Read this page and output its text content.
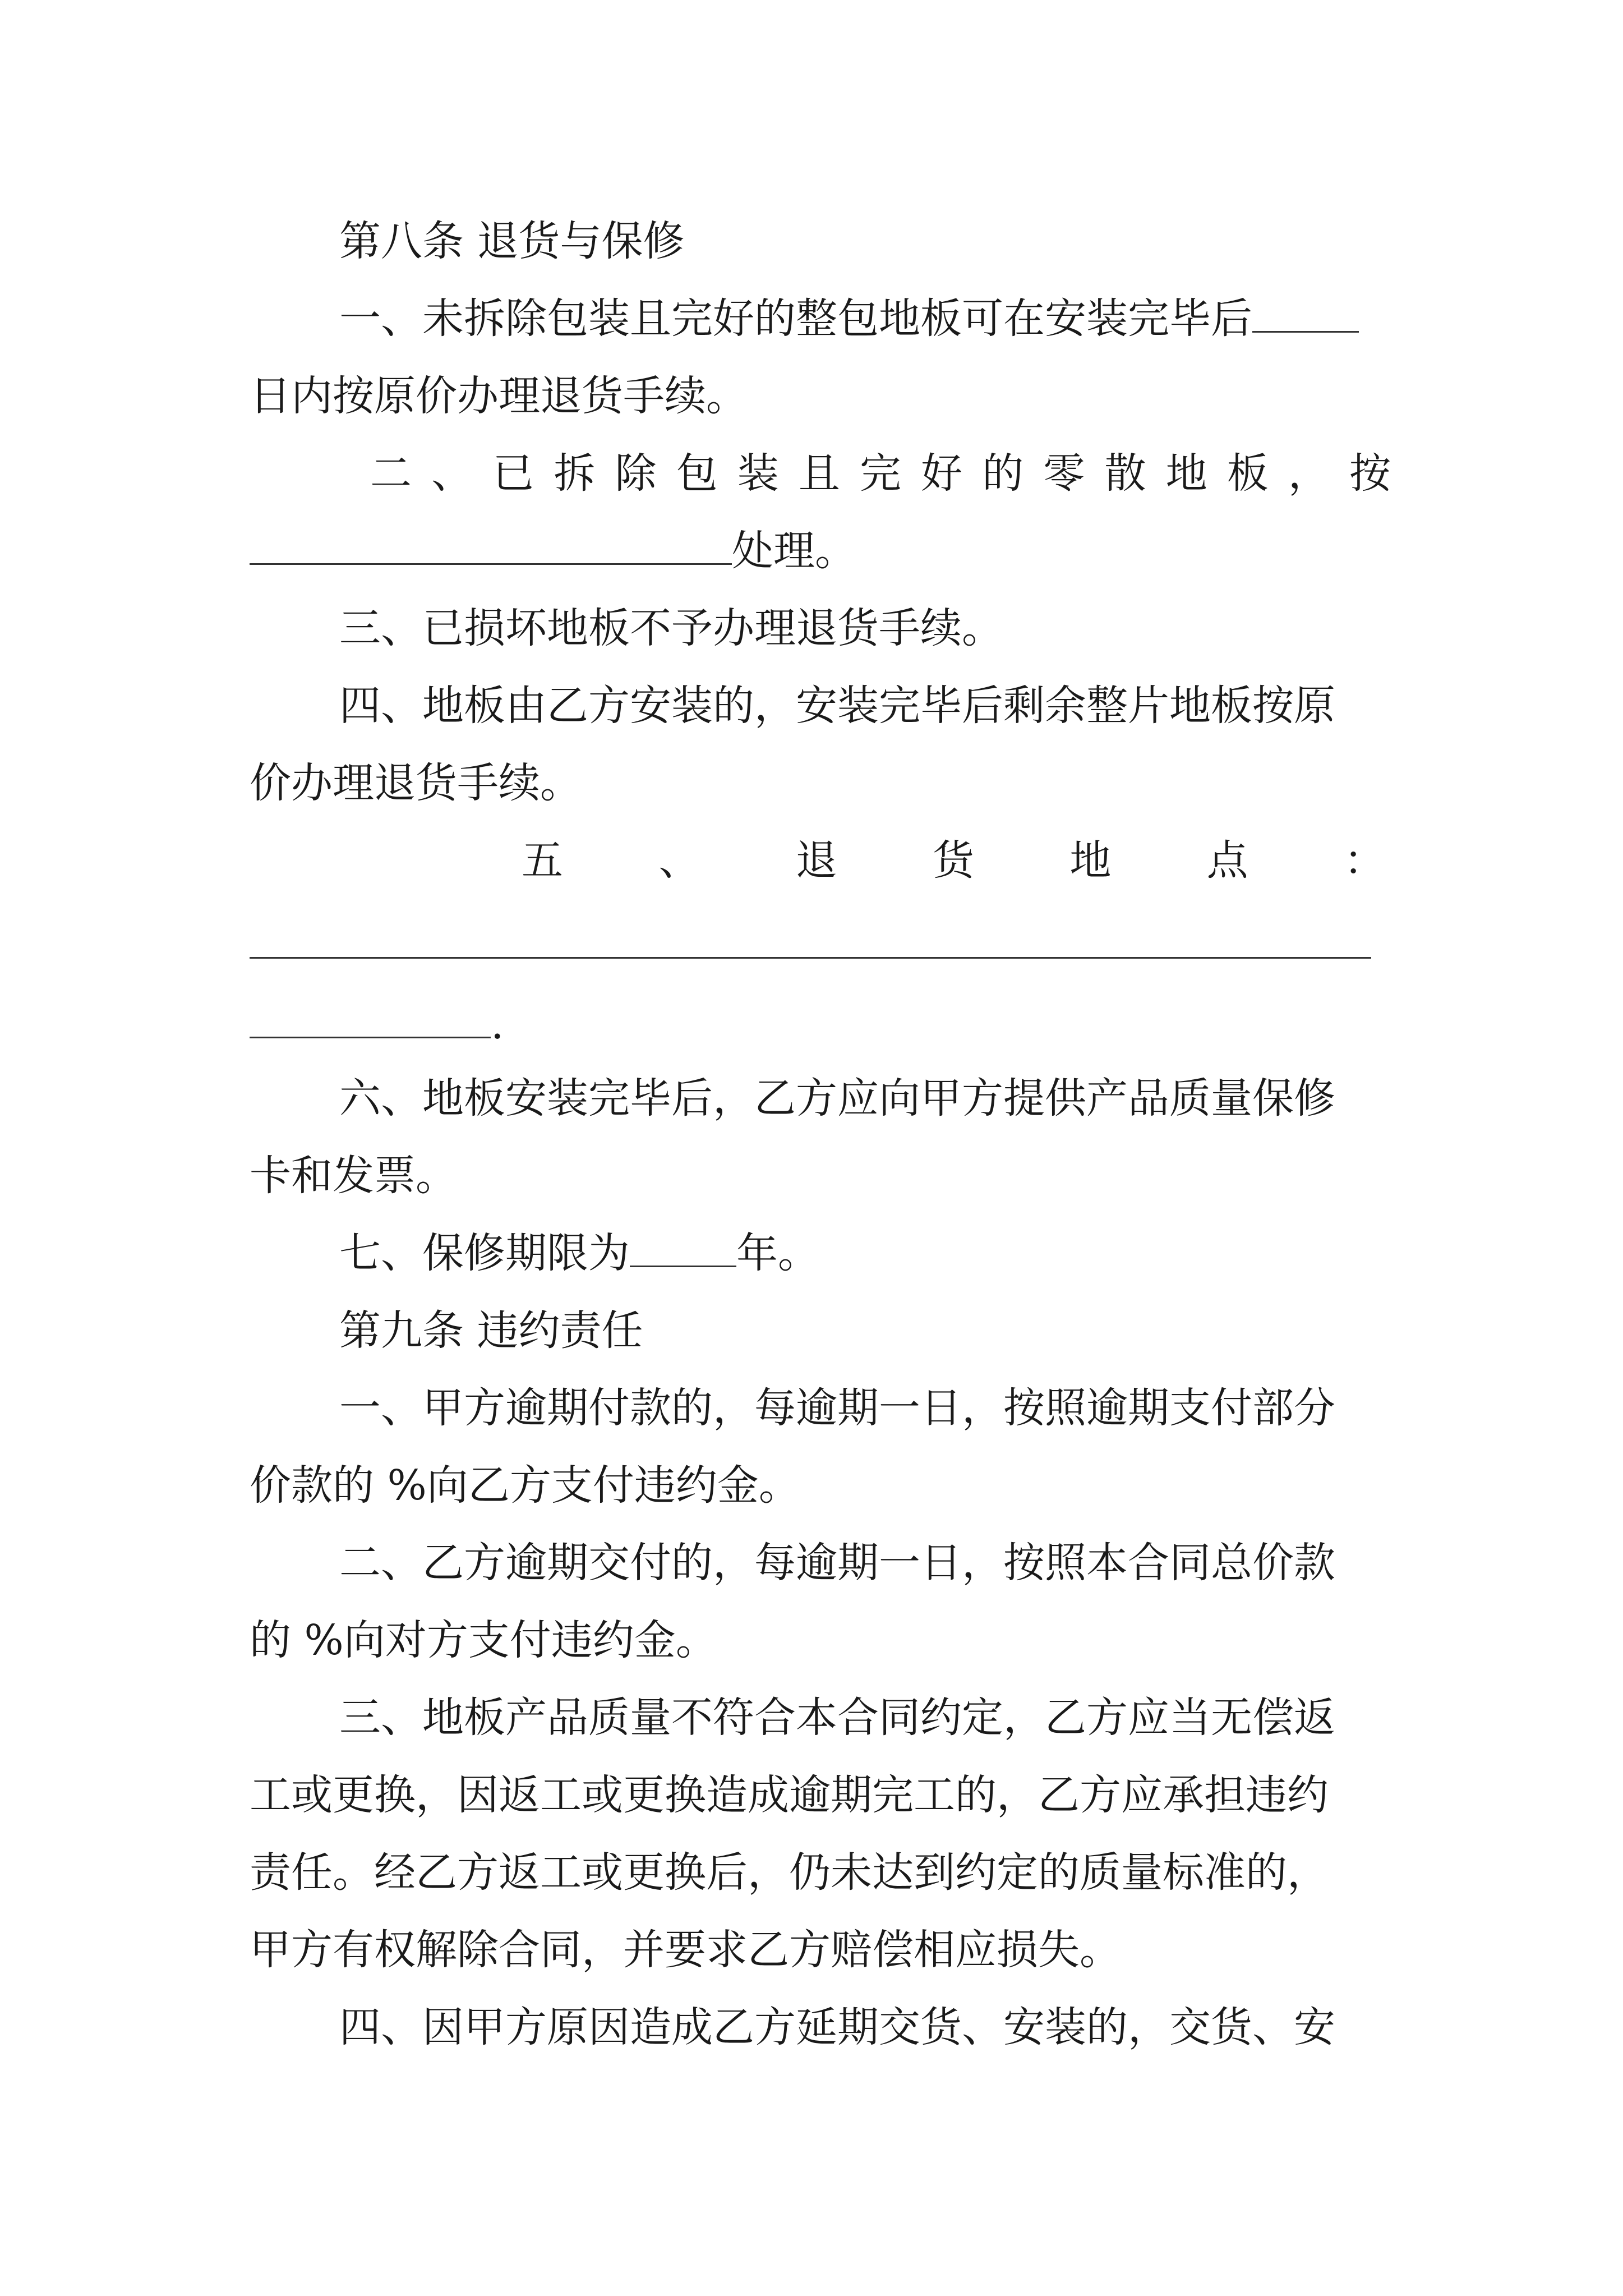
第八条 退货与保修
一、未拆除包装且完好的整包地板可在安装完毕后
日内按原价办理退货手续。
二 、 已 拆 除 包 装 且 完 好 的 零 散 地 板 ， 按
处理。
三、已损坏地板不予办理退货手续。
四、地板由乙方安装的，安装完毕后剩余整片地板按原
价办理退货手续。
五 、 退 货 地 点 ：
.
六、地板安装完毕后，乙方应向甲方提供产品质量保修
卡和发票。
七、保修期限为	年。
第九条 违约责任
一、甲方逾期付款的，每逾期一日，按照逾期支付部分
价款的 %向乙方支付违约金。
二、乙方逾期交付的，每逾期一日，按照本合同总价款
的 %向对方支付违约金。
三、地板产品质量不符合本合同约定，乙方应当无偿返
工或更换，因返工或更换造成逾期完工的，乙方应承担违约
责任。经乙方返工或更换后，仍未达到约定的质量标准的，
甲方有权解除合同，并要求乙方赔偿相应损失。
四、因甲方原因造成乙方延期交货、安装的，交货、安
